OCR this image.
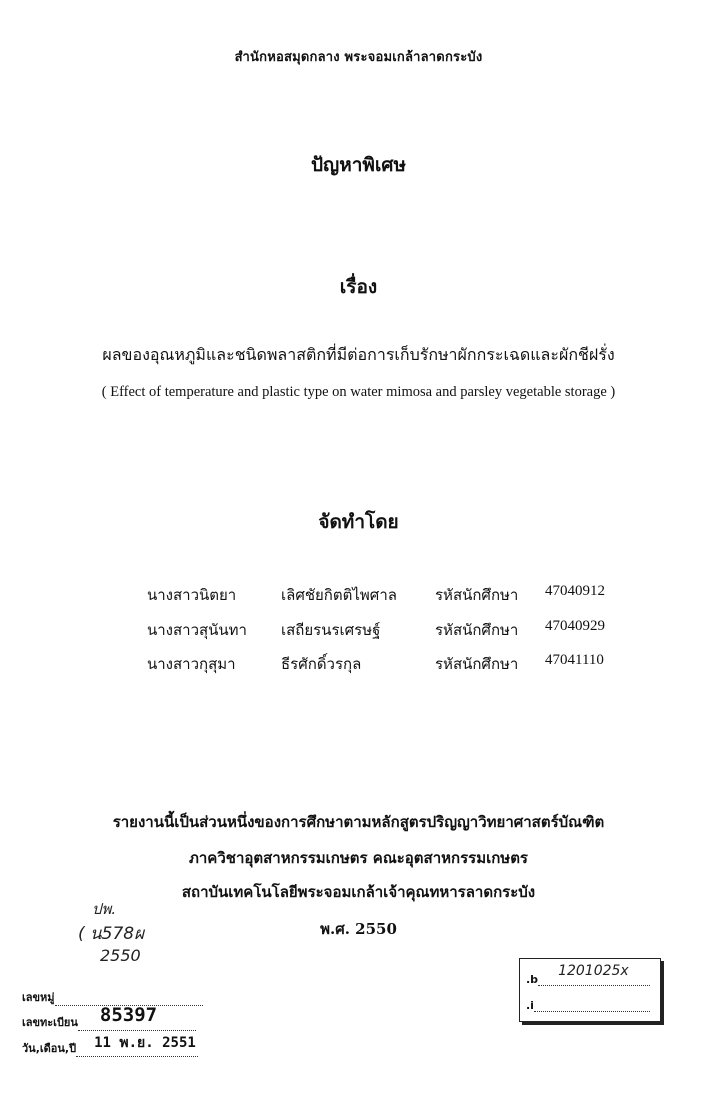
สำนักหอสมุดกลาง พระจอมเกล้าลาดกระบัง
ปัญหาพิเศษ
เรื่อง
ผลของอุณหภูมิและชนิดพลาสติกที่มีต่อการเก็บรักษาผักกระเฉดและผักชีฝรั่ง
( Effect of temperature and plastic type on water mimosa and parsley vegetable storage )
จัดทำโดย
นางสาวนิตยา	เลิศชัยกิตติไพศาล	รหัสนักศึกษา 47040912
นางสาวสุนันทา เสถียรนรเศรษฐ์	รหัสนักศึกษา 47040929
นางสาวกุสุมา	ธีรศักดิ์วรกุล	รหัสนักศึกษา 47041110
รายงานนี้เป็นส่วนหนึ่งของการศึกษาตามหลักสูตรปริญญาวิทยาศาสตร์บัณฑิต
ภาควิชาอุตสาหกรรมเกษตร คณะอุตสาหกรรมเกษตร
สถาบันเทคโนโลยีพระจอมเกล้าเจ้าคุณทหารลาดกระบัง
พ.ศ. 2550
ปพ.
( น578ผ
2550
เลขหมู่
เลขทะเบียน 85397
วัน,เดือน,ปี 11 พ.ย. 2551
.b
1201025x
.i
